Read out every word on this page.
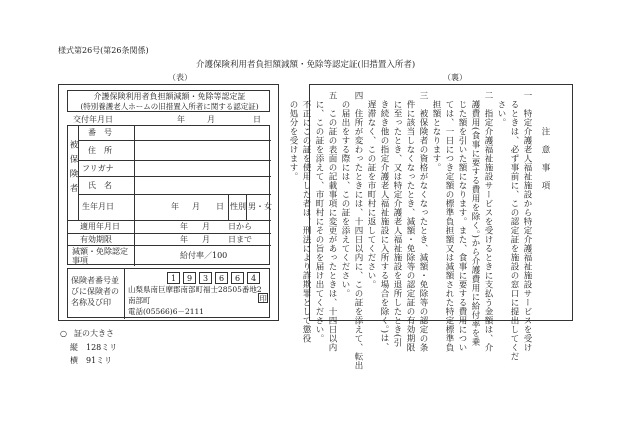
様式第26号(第26条関係)
介護保険利用者負担額減額・免除等認定証(旧措置入所者)
（表）	（裏）
介護保険利用者負担額減額・免除等認定証
(特別養護老人ホームの旧措置入所者に関する認定証)
交付年月日	年	月	日
被保険者
番　号
住　所
フリガナ
氏　名
生年月日	年 月 日 性別 男・女
適用年月日	年 月 日から
有効期限	年 月 日まで
減額・免除認定事項
給付率／100
保険者番号並びに保険者の名称及び印
1	9	3	6	6	4
山梨県南巨摩郡南部町福士28505番地2
南部町
電話(05566)6－2111
印
注　意　事　項
一　特定介護老人福祉施設から特定介護福祉施設サービスを受け
　るときは、必ず事前に、この認定証を施設の窓口に提出してくだ
　さい。
二　指定介護福祉施設サービスを受けるときに支払う金額は、介
　護費用(食事に要する費用を除く。)から介護費用に給付率を乗
　じた額を引いた額になります。また、食事に要する費用につい
　ては、一日につき定額の標準負担額又は減額された特定標準負
　担額となります。
三　被保険者の資格がなくなったとき、減額・免除等の認定の条
　件に該当しなくなったとき、減額・免除等の認定証の有効期限
　に至ったとき、又は特定介護老人福祉施設を退所したとき(引
　き続き他の指定介護老人福祉施設に入所する場合を除く。)は、
　遅滞なく、この証を市町村に返してください。
四　住所が変わったときには、十四日以内に、この証を添えて、転出
　の届出をする際には、この証を添えてください。
五　この証の表面の記載事項に変更があったときは、十四日以内
　に、この証を添えて、市町村にその旨を届け出てください。
　不正にこの証を使用した者は、刑法により詐欺罪として懲役
　の処分を受けます。
○ 証の大きさ
縦　128ミリ
横　91ミリ
